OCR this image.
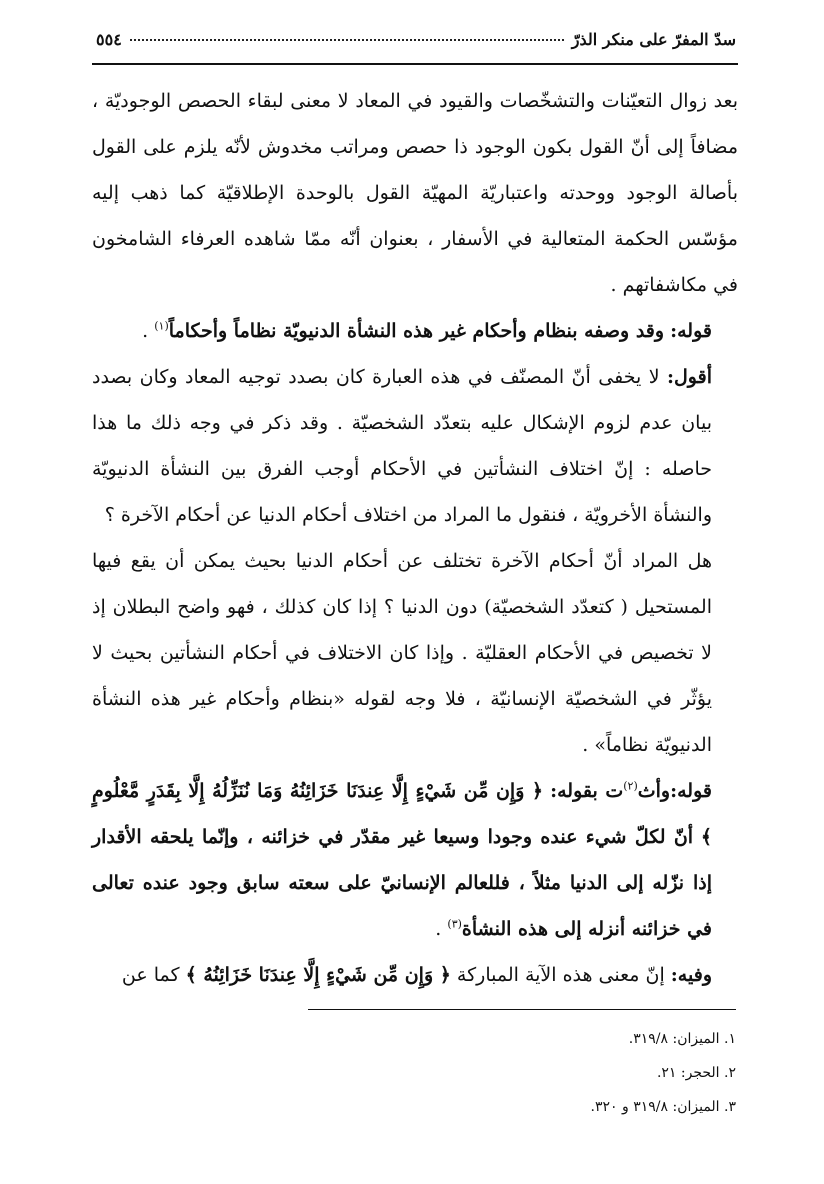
سدّ المفرّ على منكر الذرّ
٥٥٤

بعد زوال التعيّنات والتشخّصات والقيود في المعاد لا معنى لبقاء الحصص الوجوديّة ، مضافاً إلى أنّ القول بكون الوجود ذا حصص ومراتب مخدوش لأنّه يلزم على القول بأصالة الوجود ووحدته واعتباريّة المهيّة القول بالوحدة الإطلاقيّة كما ذهب إليه مؤسّس الحكمة المتعالية في الأسفار ، بعنوان أنّه ممّا شاهده العرفاء الشامخون في مكاشفاتهم .

قوله: وقد وصفه بنظام وأحكام غير هذه النشأة الدنيويّة نظاماً وأحكاماً$^{(١)}$ .

أقول: لا يخفى أنّ المصنّف في هذه العبارة كان بصدد توجيه المعاد وكان بصدد بيان عدم لزوم الإشكال عليه بتعدّد الشخصيّة . وقد ذكر في وجه ذلك ما هذا حاصله : إنّ اختلاف النشأتين في الأحكام أوجب الفرق بين النشأة الدنيويّة والنشأة الأخرويّة ، فنقول ما المراد من اختلاف أحكام الدنيا عن أحكام الآخرة ؟

هل المراد أنّ أحكام الآخرة تختلف عن أحكام الدنيا بحيث يمكن أن يقع فيها المستحيل ( كتعدّد الشخصيّة) دون الدنيا ؟ إذا كان كذلك ، فهو واضح البطلان إذ لا تخصيص في الأحكام العقليّة . وإذا كان الاختلاف في أحكام النشأتين بحيث لا يؤثّر في الشخصيّة الإنسانيّة ، فلا وجه لقوله «بنظام وأحكام غير هذه النشأة الدنيويّة نظاماً» .

قوله:وأث$^{(٢)}$ت بقوله: ﴿ وَإِن مِّن شَيْءٍ إِلَّا عِندَنَا خَزَائِنُهُ وَمَا نُنَزِّلُهُ إِلَّا بِقَدَرٍ مَّعْلُومٍ ﴾ أنّ لكلّ شيء عنده وجودا وسيعا غير مقدّر في خزائنه ، وإنّما يلحقه الأقدار إذا نزّله إلى الدنيا مثلاً ، فللعالم الإنسانيّ على سعته سابق وجود عنده تعالى في خزائنه أنزله إلى هذه النشأة$^{(٣)}$ .

وفيه: إنّ معنى هذه الآية المباركة ﴿ وَإِن مِّن شَيْءٍ إِلَّا عِندَنَا خَزَائِنُهُ ﴾ كما عن

١. الميزان: ٣١٩/٨.
٢. الحجر: ٢١.
٣. الميزان: ٣١٩/٨ و ٣٢٠.
